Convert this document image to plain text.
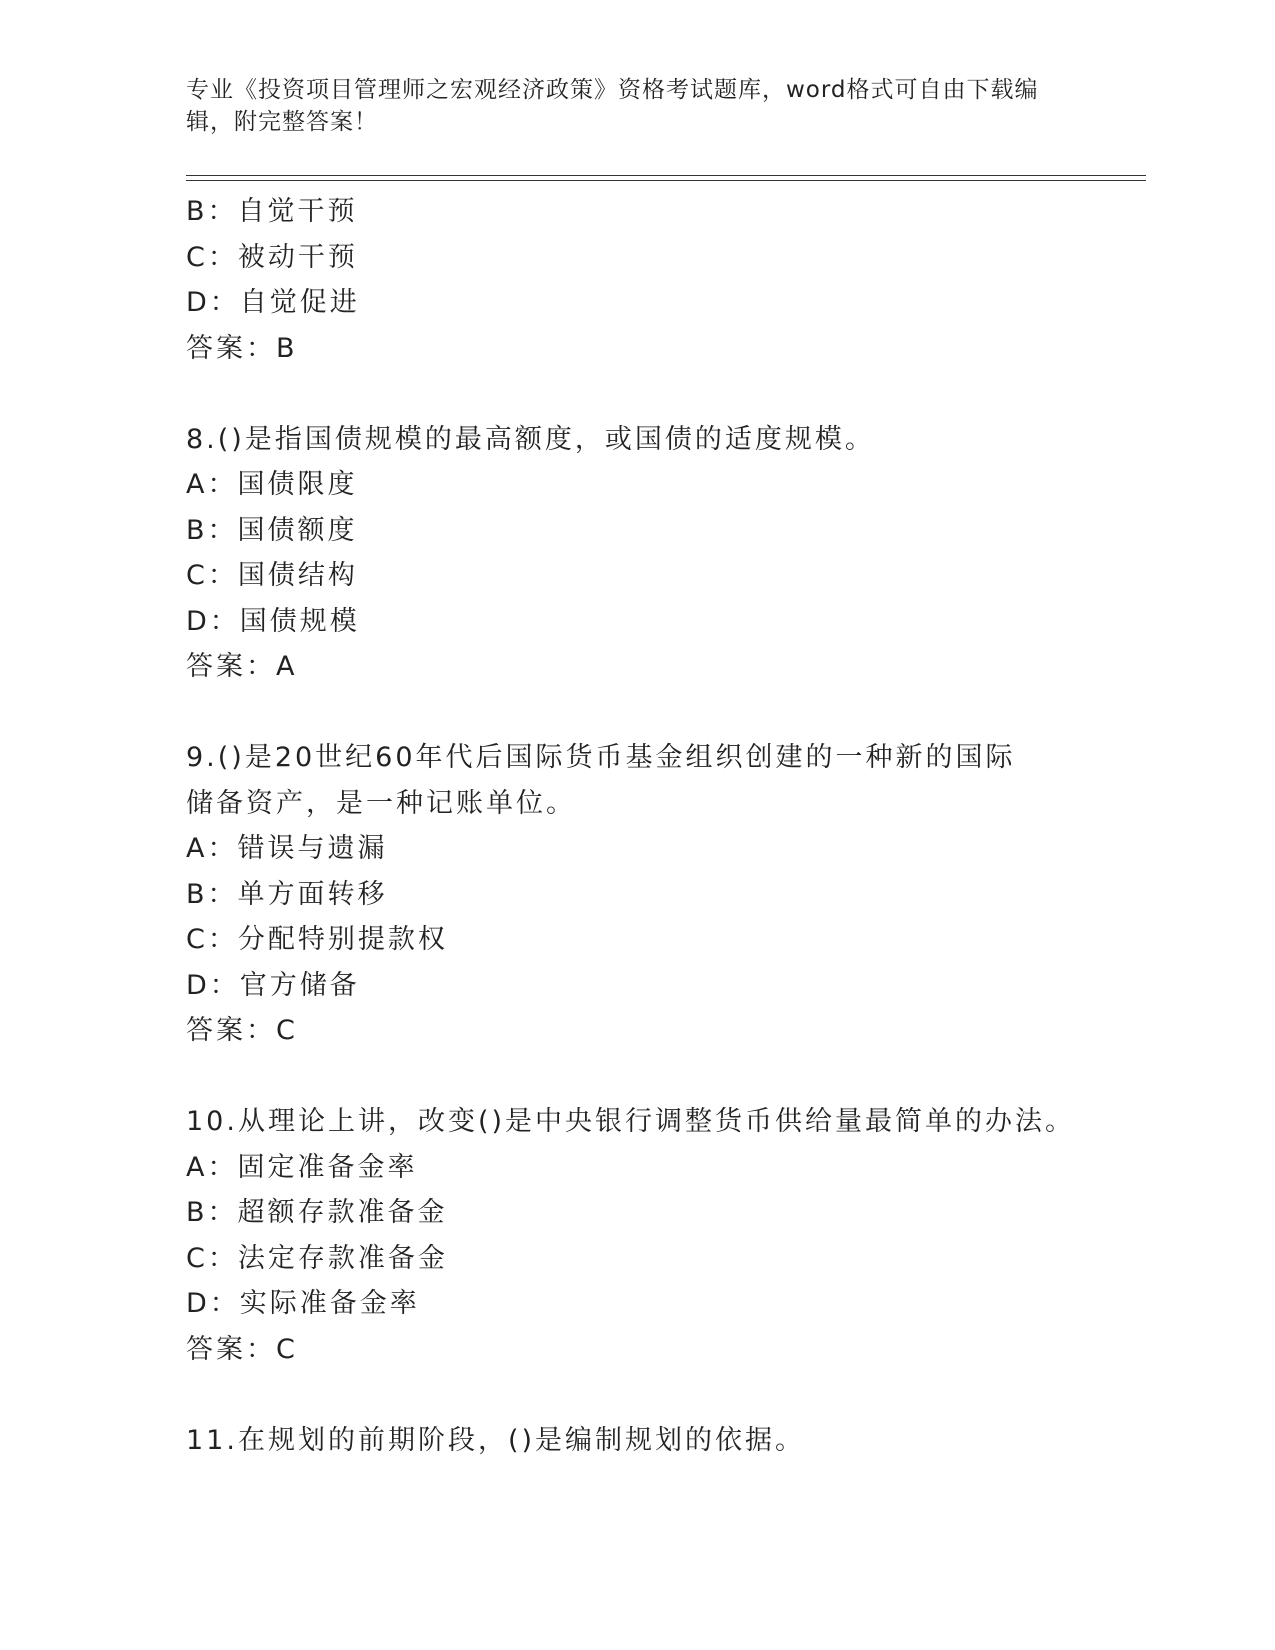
专业《投资项目管理师之宏观经济政策》资格考试题库，word格式可自由下载编辑，附完整答案！
B：自觉干预
C：被动干预
D：自觉促进
答案：B
8.()是指国债规模的最高额度，或国债的适度规模。
A：国债限度
B：国债额度
C：国债结构
D：国债规模
答案：A
9.()是20世纪60年代后国际货币基金组织创建的一种新的国际储备资产，是一种记账单位。
A：错误与遗漏
B：单方面转移
C：分配特别提款权
D：官方储备
答案：C
10.从理论上讲，改变()是中央银行调整货币供给量最简单的办法。
A：固定准备金率
B：超额存款准备金
C：法定存款准备金
D：实际准备金率
答案：C
11.在规划的前期阶段，()是编制规划的依据。
